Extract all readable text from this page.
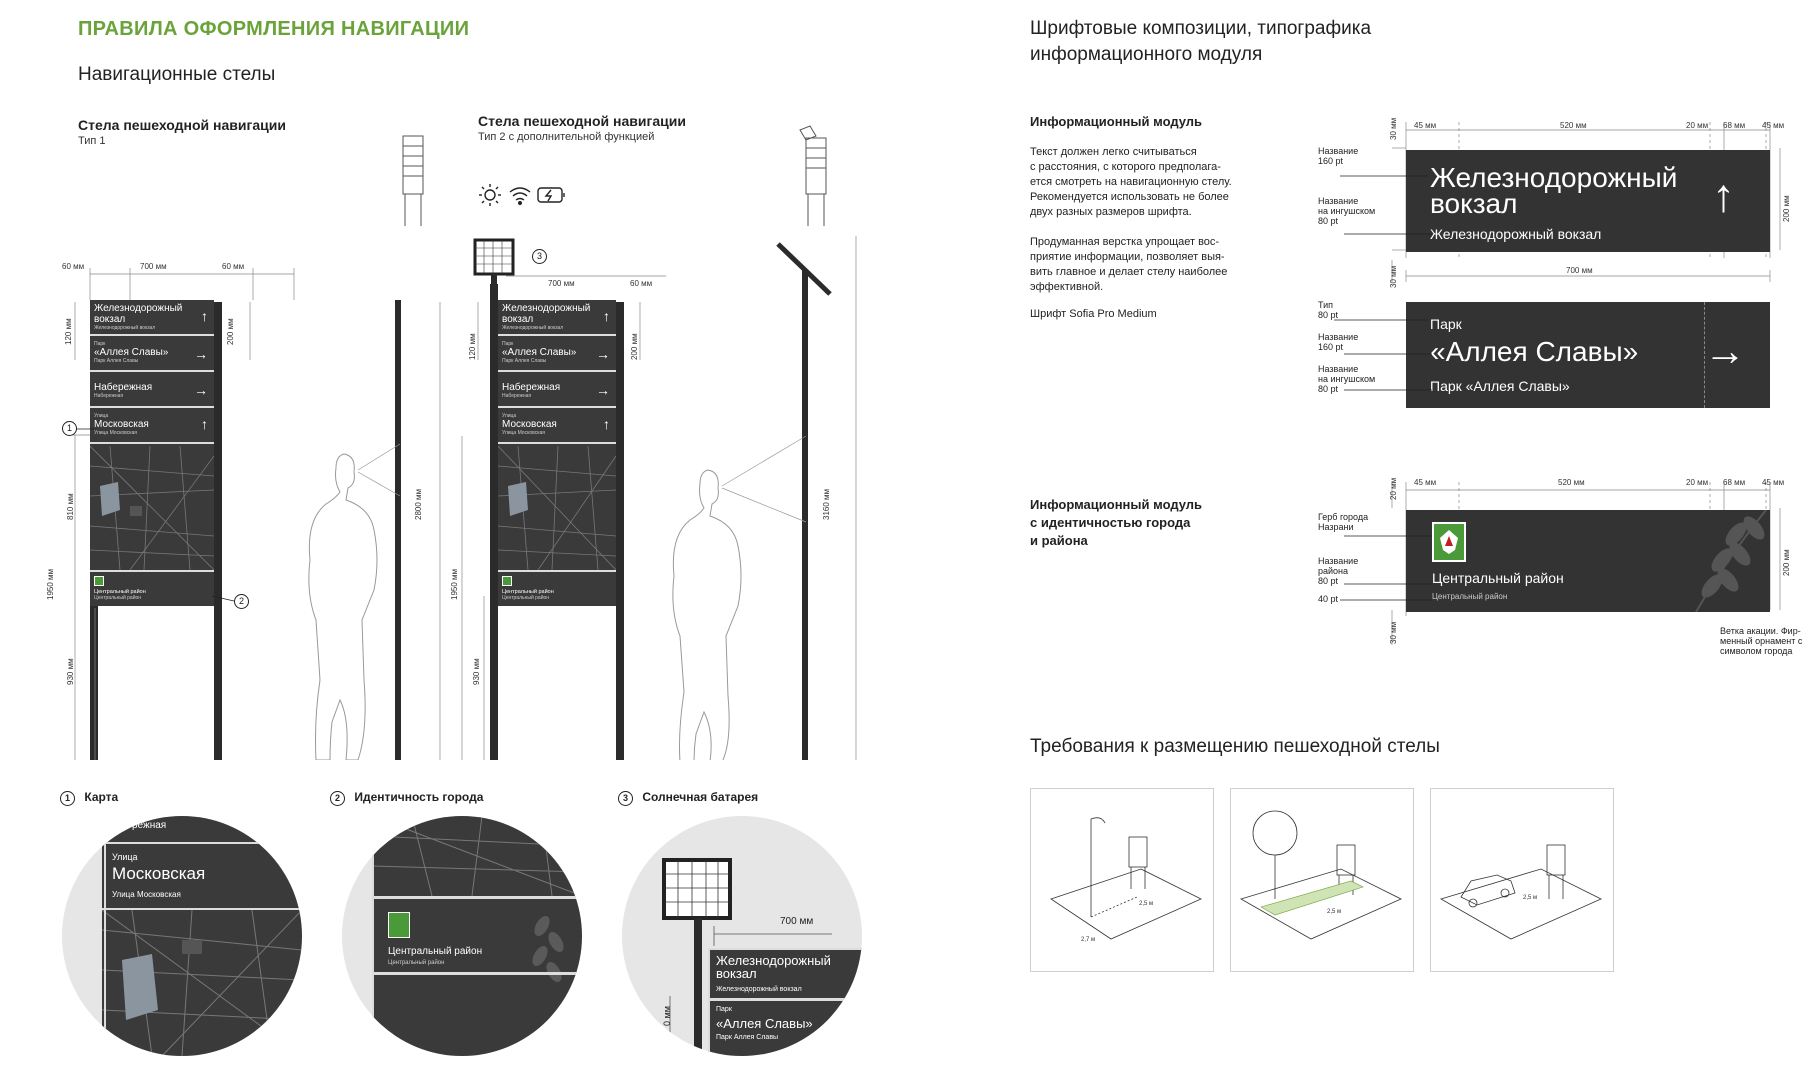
ПРАВИЛА ОФОРМЛЕНИЯ НАВИГАЦИИ
Навигационные стелы
Стела пешеходной навигации
Тип 1
Стела пешеходной навигации
Тип 2 с дополнительной функцией
60 мм	700 мм	60 мм
120 мм	200 мм
810 мм
1950 мм
930 мм
2800 мм
Железнодорожный вокзал
Железнодорожный вокзал
↑
Парк
«Аллея Славы»
Парк Аллея Славы	→
Набережная
Набережная	→
Улица
Московская
Улица Московская
↑
Центральный район
Центральный район
1
2
3
700 мм	60 мм
120 мм	200 мм
1950 мм
930 мм
3160 мм
Железнодорожный вокзал
Железнодорожный вокзал
↑
Парк
«Аллея Славы»
Парк Аллея Славы	→
Набережная
Набережная	→
Улица
Московская
Улица Московская
↑
Центральный район
Центральный район
1 Карта	2 Идентичность города	3 Солнечная батарея
режная
Улица
Московская
Улица Московская
Центральный район
Центральный район
700 мм
0 мм
Железнодорожный
вокзал
Железнодорожный вокзал
Парк
«Аллея Славы»
Парк Аллея Славы
Шрифтовые композиции, типографика
информационного модуля
Информационный модуль
Текст должен легко считываться
с расстояния, с которого предполага-
ется смотреть на навигационную стелу.
Рекомендуется использовать не более
двух разных размеров шрифта.
Продуманная верстка упрощает вос-
приятие информации, позволяет выя-
вить главное и делает стелу наиболее
эффективной.
Шрифт Sofia Pro Medium
45 мм	520 мм	20 мм 68 мм 45 мм
30 мм
30 мм
200 мм
700 мм
Железнодорожный
вокзал
Железнодорожный вокзал
↑
Название
160 pt
Название
на ингушском
80 pt
Парк
«Аллея Славы»
Парк «Аллея Славы»
→
Тип
80 pt
Название
160 pt
Название
на ингушском
80 pt
Информационный модуль
с идентичностью города
и района
45 мм	520 мм	20 мм 68 мм 45 мм
20 мм
30 мм
200 мм
Центральный район
Центральный район
Герб города
Назрани
Название
района
80 pt
40 pt
Ветка акации. Фир-
менный орнамент с
символом города
Требования к размещению пешеходной стелы
2,5 м
2,7 м
2,5 м
2,5 м
